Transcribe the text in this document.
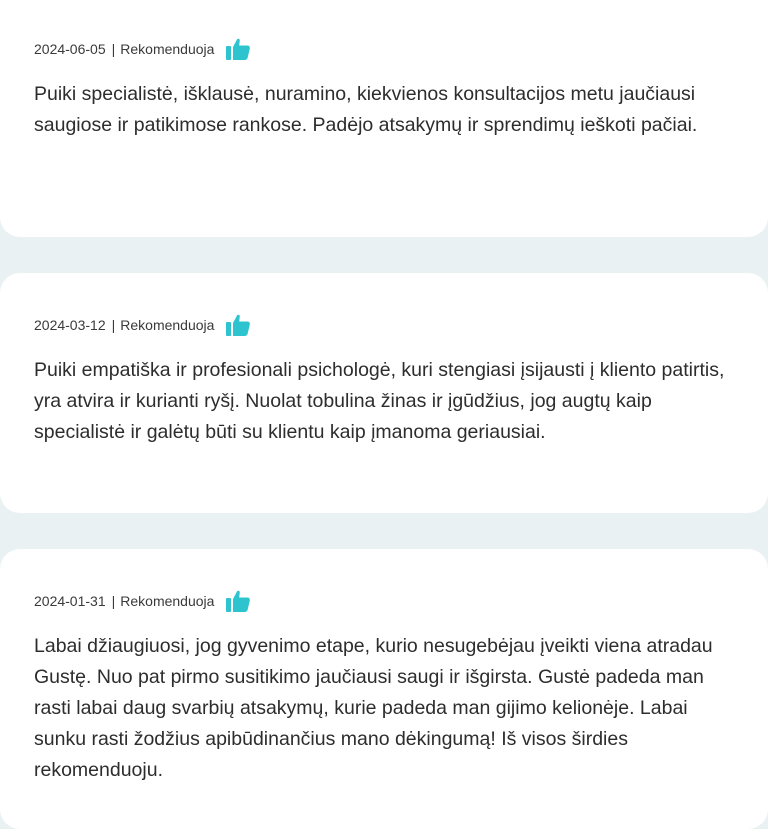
2024-06-05 | Rekomenduoja

Puiki specialistė, išklausė, nuramino, kiekvienos konsultacijos metu jaučiausi saugiose ir patikimose rankose. Padėjo atsakymų ir sprendimų ieškoti pačiai.

2024-03-12 | Rekomenduoja

Puiki empatiška ir profesionali psichologė, kuri stengiasi įsijausti į kliento patirtis, yra atvira ir kurianti ryšį. Nuolat tobulina žinas ir įgūdžius, jog augtų kaip specialistė ir galėtų būti su klientu kaip įmanoma geriausiai.

2024-01-31 | Rekomenduoja

Labai džiaugiuosi, jog gyvenimo etape, kurio nesugebėjau įveikti viena atradau Gustę. Nuo pat pirmo susitikimo jaučiausi saugi ir išgirsta. Gustė padeda man rasti labai daug svarbių atsakymų, kurie padeda man gijimo kelionėje. Labai sunku rasti žodžius apibūdinančius mano dėkingumą! Iš visos širdies rekomenduoju.
